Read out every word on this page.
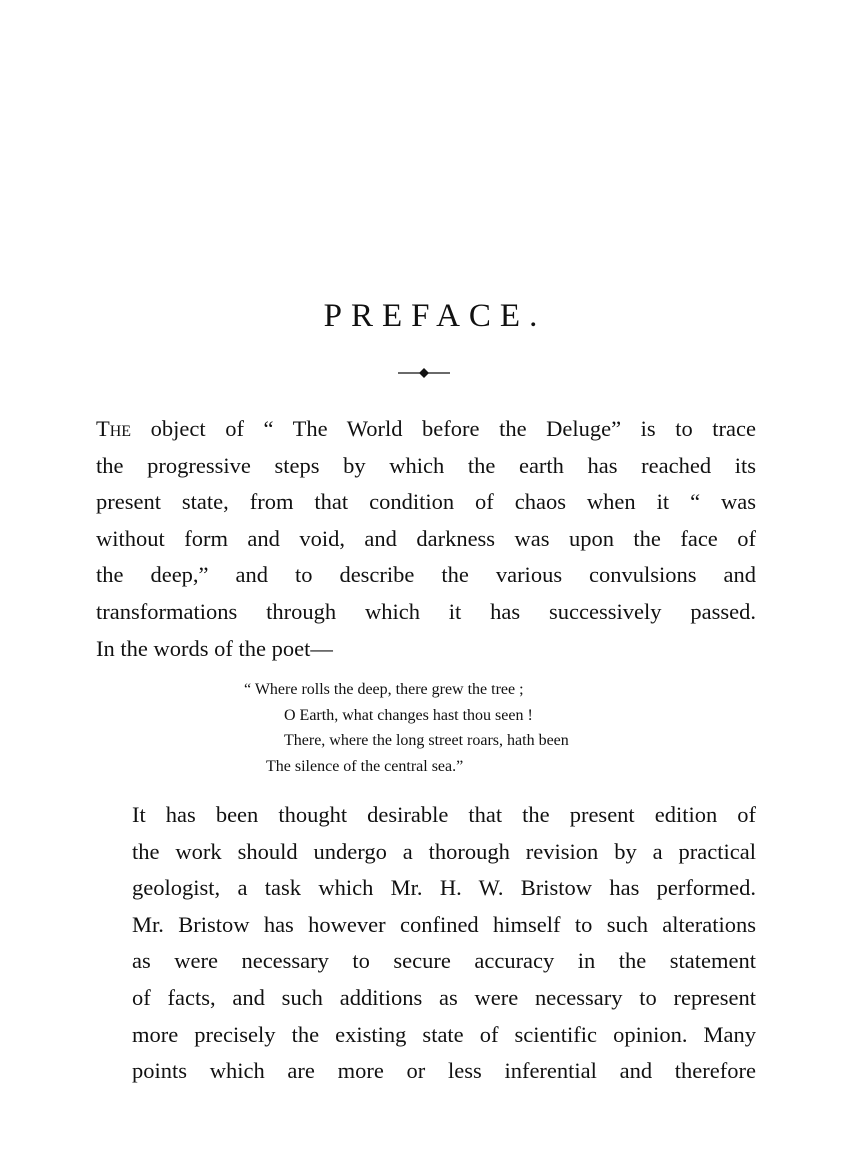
PREFACE.
The object of “ The World before the Deluge” is to trace
the progressive steps by which the earth has reached its
present state, from that condition of chaos when it “ was
without form and void, and darkness was upon the face of
the deep,” and to describe the various convulsions and
transformations through which it has successively passed.
In the words of the poet—
“ Where rolls the deep, there grew the tree ;
O Earth, what changes hast thou seen !
There, where the long street roars, hath been
The silence of the central sea.”
It has been thought desirable that the present edition of
the work should undergo a thorough revision by a practical
geologist, a task which Mr. H. W. Bristow has performed.
Mr. Bristow has however confined himself to such alterations
as were necessary to secure accuracy in the statement
of facts, and such additions as were necessary to represent
more precisely the existing state of scientific opinion. Many
points which are more or less inferential and therefore
